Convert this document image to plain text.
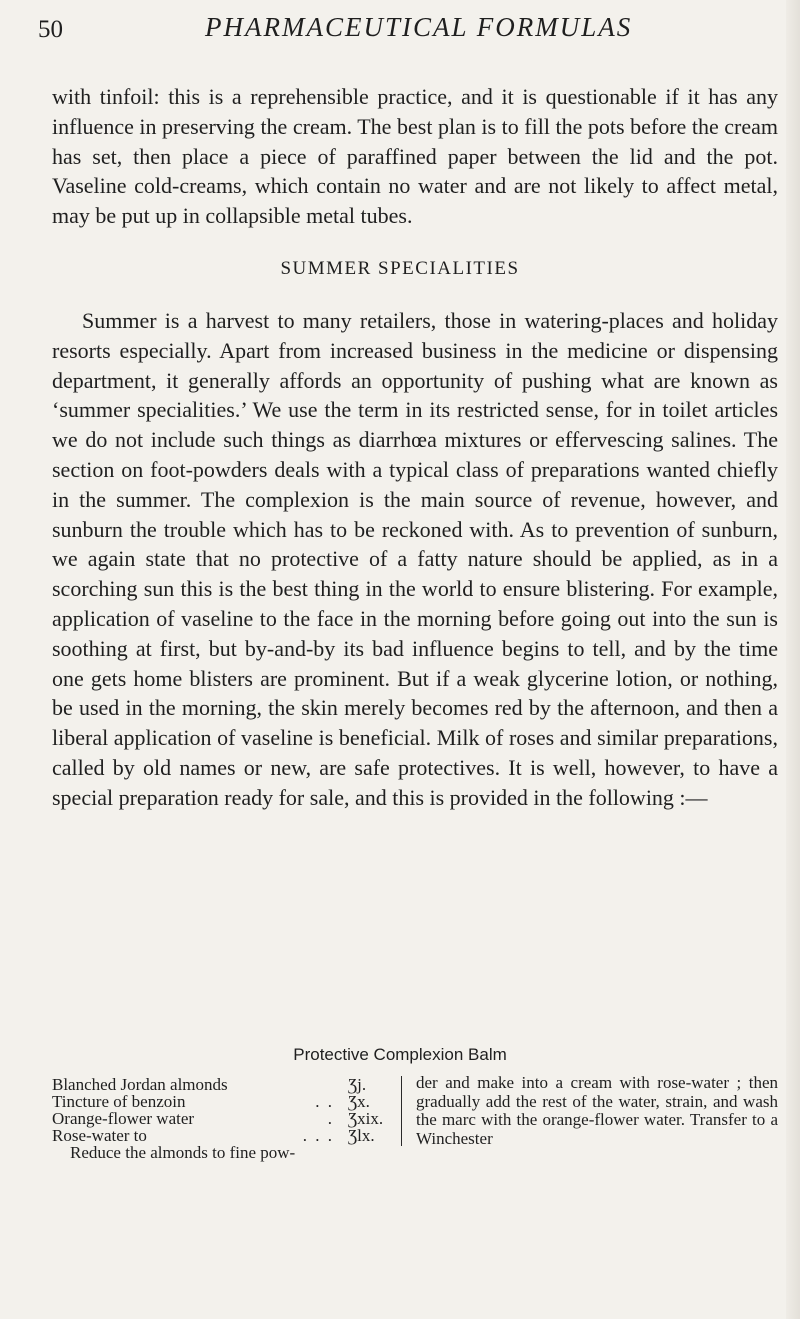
50	PHARMACEUTICAL FORMULAS

with tinfoil: this is a reprehensible practice, and it is questionable if it has any influence in preserving the cream. The best plan is to fill the pots before the cream has set, then place a piece of paraffined paper between the lid and the pot. Vaseline cold-creams, which contain no water and are not likely to affect metal, may be put up in collapsible metal tubes.

SUMMER SPECIALITIES

Summer is a harvest to many retailers, those in watering-places and holiday resorts especially. Apart from increased business in the medicine or dispensing department, it generally affords an opportunity of pushing what are known as ‘summer specialities.’ We use the term in its restricted sense, for in toilet articles we do not include such things as diarrhœa mixtures or effervescing salines. The section on foot-powders deals with a typical class of preparations wanted chiefly in the summer. The complexion is the main source of revenue, however, and sunburn the trouble which has to be reckoned with. As to prevention of sunburn, we again state that no protective of a fatty nature should be applied, as in a scorching sun this is the best thing in the world to ensure blistering. For example, application of vaseline to the face in the morning before going out into the sun is soothing at first, but by-and-by its bad influence begins to tell, and by the time one gets home blisters are prominent. But if a weak glycerine lotion, or nothing, be used in the morning, the skin merely becomes red by the afternoon, and then a liberal application of vaseline is beneficial. Milk of roses and similar preparations, called by old names or new, are safe protectives. It is well, however, to have a special preparation ready for sale, and this is provided in the following :—

Protective Complexion Balm
Blanched Jordan almonds	Ʒj.
Tincture of benzoin	. . Ʒx.
Orange-flower water	. Ʒxix.
Rose-water to	. . . Ʒlx.
Reduce the almonds to fine pow-

der and make into a cream with rose-water ; then gradually add the rest of the water, strain, and wash the marc with the orange-flower water. Transfer to a Winchester
